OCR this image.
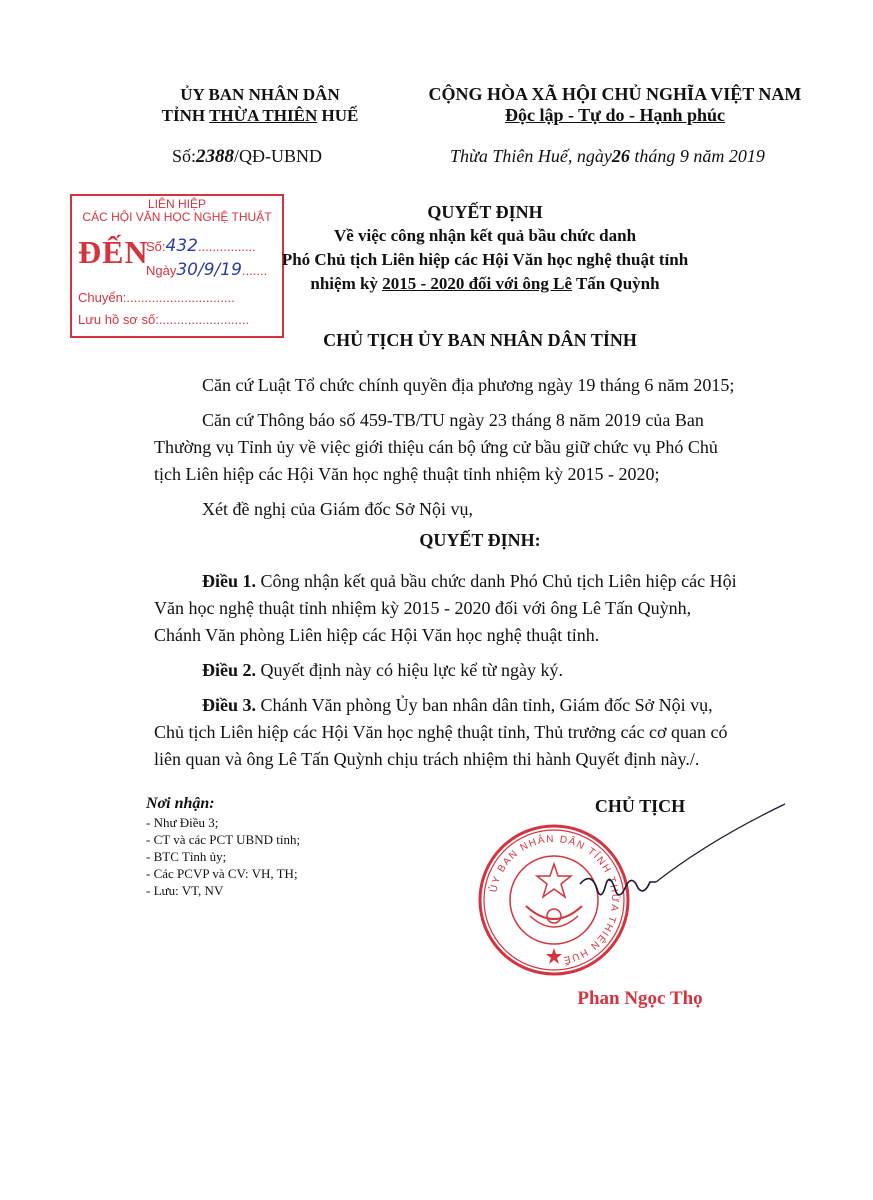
ỦY BAN NHÂN DÂN
TỈNH THỪA THIÊN HUẾ
Số:2388/QĐ-UBND
CỘNG HÒA XÃ HỘI CHỦ NGHĨA VIỆT NAM
Độc lập - Tự do - Hạnh phúc
Thừa Thiên Huế, ngày26 tháng 9 năm 2019
LIÊN HIỆP
CÁC HỘI VĂN HỌC NGHỆ THUẬT
ĐẾN
Số:432................
Ngày30/9/19.......
Chuyển:..............................
Lưu hồ sơ số:.........................
QUYẾT ĐỊNH
Về việc công nhận kết quả bầu chức danh
Phó Chủ tịch Liên hiệp các Hội Văn học nghệ thuật tỉnh
nhiệm kỳ 2015 - 2020 đối với ông Lê Tấn Quỳnh
CHỦ TỊCH ỦY BAN NHÂN DÂN TỈNH
Căn cứ Luật Tổ chức chính quyền địa phương ngày 19 tháng 6 năm 2015;
Căn cứ Thông báo số 459-TB/TU ngày 23 tháng 8 năm 2019 của Ban
Thường vụ Tỉnh ủy về việc giới thiệu cán bộ ứng cử bầu giữ chức vụ Phó Chủ
tịch Liên hiệp các Hội Văn học nghệ thuật tỉnh nhiệm kỳ 2015 - 2020;
Xét đề nghị của Giám đốc Sở Nội vụ,
QUYẾT ĐỊNH:
Điều 1. Công nhận kết quả bầu chức danh Phó Chủ tịch Liên hiệp các Hội
Văn học nghệ thuật tỉnh nhiệm kỳ 2015 - 2020 đối với ông Lê Tấn Quỳnh,
Chánh Văn phòng Liên hiệp các Hội Văn học nghệ thuật tỉnh.
Điều 2. Quyết định này có hiệu lực kể từ ngày ký.
Điều 3. Chánh Văn phòng Ủy ban nhân dân tỉnh, Giám đốc Sở Nội vụ,
Chủ tịch Liên hiệp các Hội Văn học nghệ thuật tỉnh, Thủ trưởng các cơ quan có
liên quan và ông Lê Tấn Quỳnh chịu trách nhiệm thi hành Quyết định này./.
Nơi nhận:
- Như Điều 3;
- CT và các PCT UBND tỉnh;
- BTC Tỉnh ủy;
- Các PCVP và CV: VH, TH;
- Lưu: VT, NV
CHỦ TỊCH
ỦY BAN NHÂN DÂN TỈNH THỪA THIÊN HUẾ
Phan Ngọc Thọ
